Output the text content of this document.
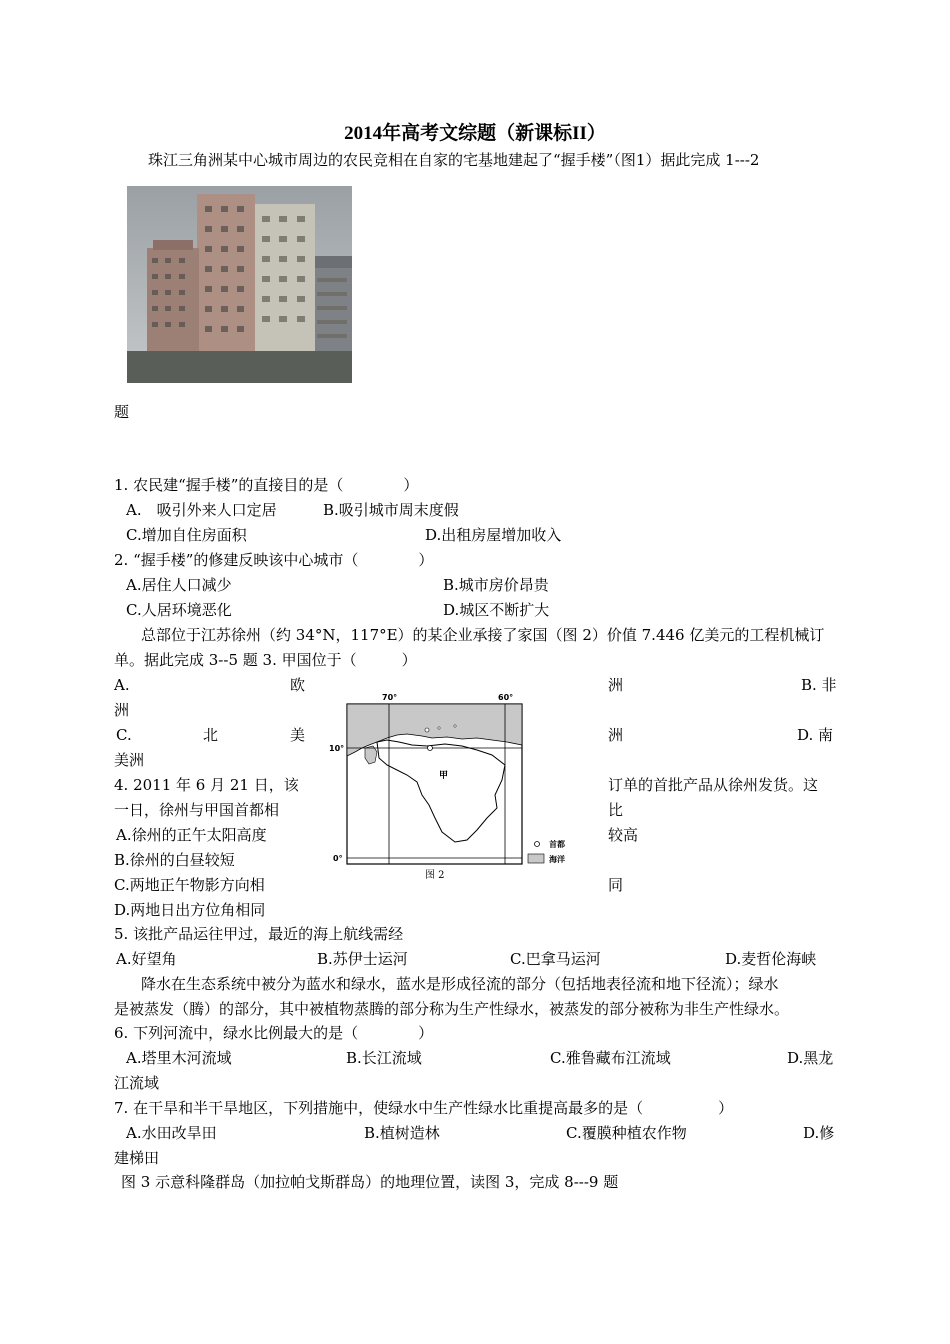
2014年高考文综题（新课标II）
珠江三角洲某中心城市周边的农民竞相在自家的宅基地建起了“握手楼”（图1）据此完成 1---2
题
1. 农民建“握手楼”的直接目的是（　　　　）
A.　吸引外来人口定居	B.吸引城市周末度假
C.增加自住房面积	D.出租房屋增加收入
2. “握手楼”的修建反映该中心城市（　　　　）
A.居住人口减少	B.城市房价昂贵
C.人居环境恶化	D.城区不断扩大
总部位于江苏徐州（约 34°N，117°E）的某企业承接了家国（图 2）价值 7.446 亿美元的工程机械订
单。据此完成 3--5 题 3. 甲国位于（　　　）
A.	欧	洲	B. 非
洲
C.	北	美	洲	D. 南
美洲
4. 2011 年 6 月 21 日，该	订单的首批产品从徐州发货。这
一日，徐州与甲国首都相	比
A.徐州的正午太阳高度	较高
B.徐州的白昼较短
C.两地正午物影方向相	同
D.两地日出方位角相同
甲
70°	60°
10°
0°
首都
海洋
图 2
5. 该批产品运往甲过，最近的海上航线需经
A.好望角	B.苏伊士运河	C.巴拿马运河	D.麦哲伦海峡
降水在生态系统中被分为蓝水和绿水，蓝水是形成径流的部分（包括地表径流和地下径流）；绿水
是被蒸发（腾）的部分，其中被植物蒸腾的部分称为生产性绿水，被蒸发的部分被称为非生产性绿水。
6. 下列河流中，绿水比例最大的是（　　　　）
A.塔里木河流域	B.长江流域	C.雅鲁藏布江流域	D.黑龙
江流域
7. 在干旱和半干旱地区，下列措施中，使绿水中生产性绿水比重提高最多的是（　　　　　）
A.水田改旱田	B.植树造林	C.覆膜种植农作物	D.修
建梯田
图 3 示意科隆群岛（加拉帕戈斯群岛）的地理位置，读图 3，完成 8---9 题
